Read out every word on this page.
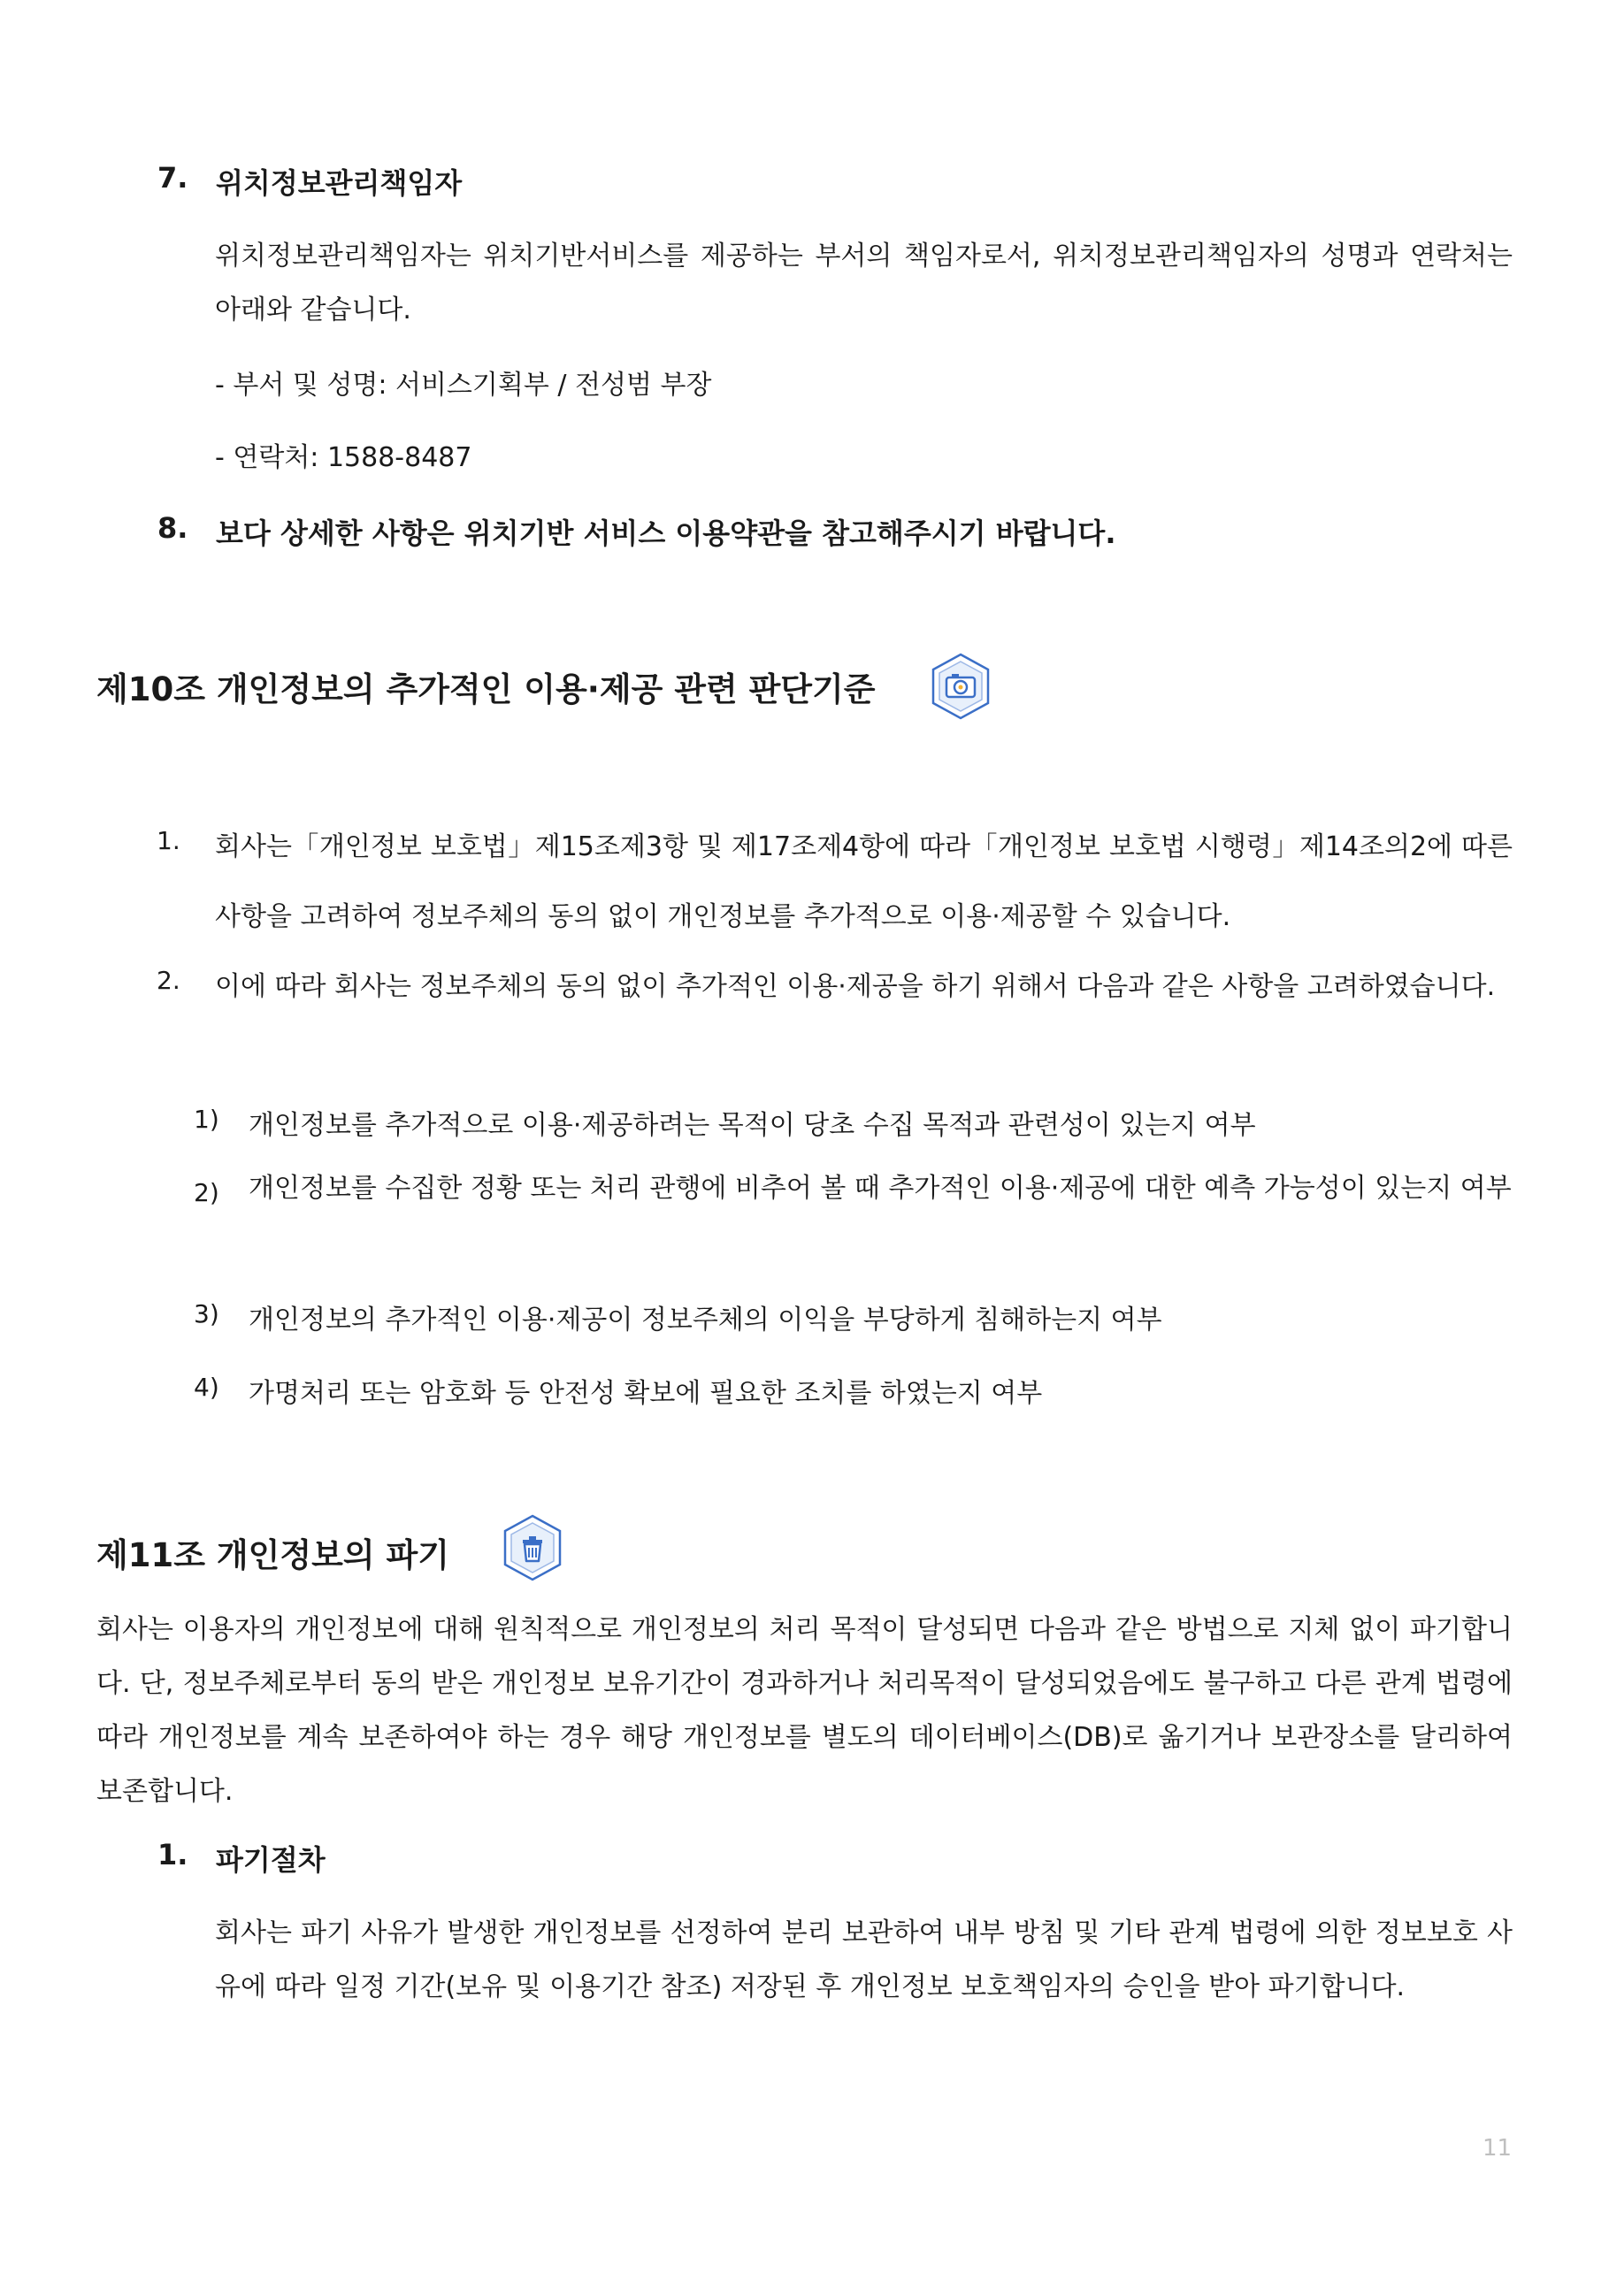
7. 위치정보관리책임자
위치정보관리책임자는 위치기반서비스를 제공하는 부서의 책임자로서, 위치정보관리책임자의 성명과 연락처는 아래와 같습니다.
- 부서 및 성명: 서비스기획부 / 전성범 부장
- 연락처: 1588-8487
8. 보다 상세한 사항은 위치기반 서비스 이용약관을 참고해주시기 바랍니다.
제10조 개인정보의 추가적인 이용·제공 관련 판단기준
1. 회사는「개인정보 보호법」제15조제3항 및 제17조제4항에 따라「개인정보 보호법 시행령」제14조의2에 따른 사항을 고려하여 정보주체의 동의 없이 개인정보를 추가적으로 이용·제공할 수 있습니다.
2. 이에 따라 회사는 정보주체의 동의 없이 추가적인 이용·제공을 하기 위해서 다음과 같은 사항을 고려하였습니다.
1) 개인정보를 추가적으로 이용·제공하려는 목적이 당초 수집 목적과 관련성이 있는지 여부
2) 개인정보를 수집한 정황 또는 처리 관행에 비추어 볼 때 추가적인 이용·제공에 대한 예측 가능성이 있는지 여부
3) 개인정보의 추가적인 이용·제공이 정보주체의 이익을 부당하게 침해하는지 여부
4) 가명처리 또는 암호화 등 안전성 확보에 필요한 조치를 하였는지 여부
제11조 개인정보의 파기
회사는 이용자의 개인정보에 대해 원칙적으로 개인정보의 처리 목적이 달성되면 다음과 같은 방법으로 지체 없이 파기합니다. 단, 정보주체로부터 동의 받은 개인정보 보유기간이 경과하거나 처리목적이 달성되었음에도 불구하고 다른 관계 법령에 따라 개인정보를 계속 보존하여야 하는 경우 해당 개인정보를 별도의 데이터베이스(DB)로 옮기거나 보관장소를 달리하여 보존합니다.
1. 파기절차
회사는 파기 사유가 발생한 개인정보를 선정하여 분리 보관하여 내부 방침 및 기타 관계 법령에 의한 정보보호 사유에 따라 일정 기간(보유 및 이용기간 참조) 저장된 후 개인정보 보호책임자의 승인을 받아 파기합니다.
11
